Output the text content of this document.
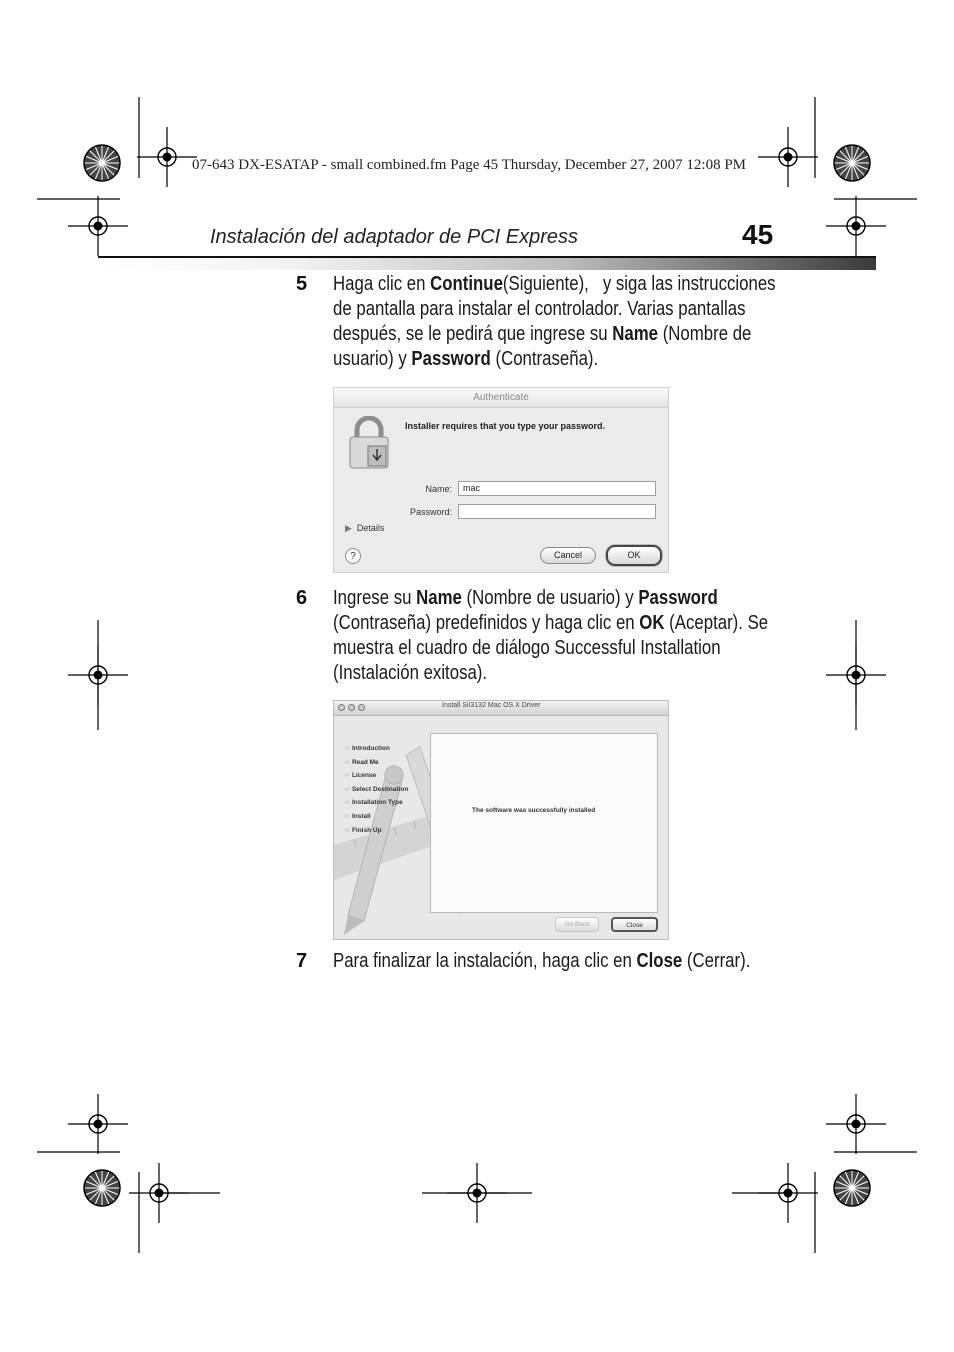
07-643 DX-ESATAP - small combined.fm Page 45 Thursday, December 27, 2007 12:08 PM
Instalación del adaptador de PCI Express	45
5 Haga clic en Continue(Siguiente),   y siga las instrucciones
de pantalla para instalar el controlador. Varias pantallas
después, se le pedirá que ingrese su Name (Nombre de
usuario) y Password (Contraseña).
Authenticate
Installer requires that you type your password.
Name:	mac
Password:
▶ Details
?	Cancel	OK
6 Ingrese su Name (Nombre de usuario) y Password
(Contraseña) predefinidos y haga clic en OK (Aceptar). Se
muestra el cuadro de diálogo Successful Installation
(Instalación exitosa).
Install SiI3132 Mac OS X Driver
○ Introduction
○ Read Me
○ License
○ Select Destination
○ Installation Type
○ Install
○ Finish Up
The software was successfully installed
Go Back	Close
7 Para finalizar la instalación, haga clic en Close (Cerrar).
